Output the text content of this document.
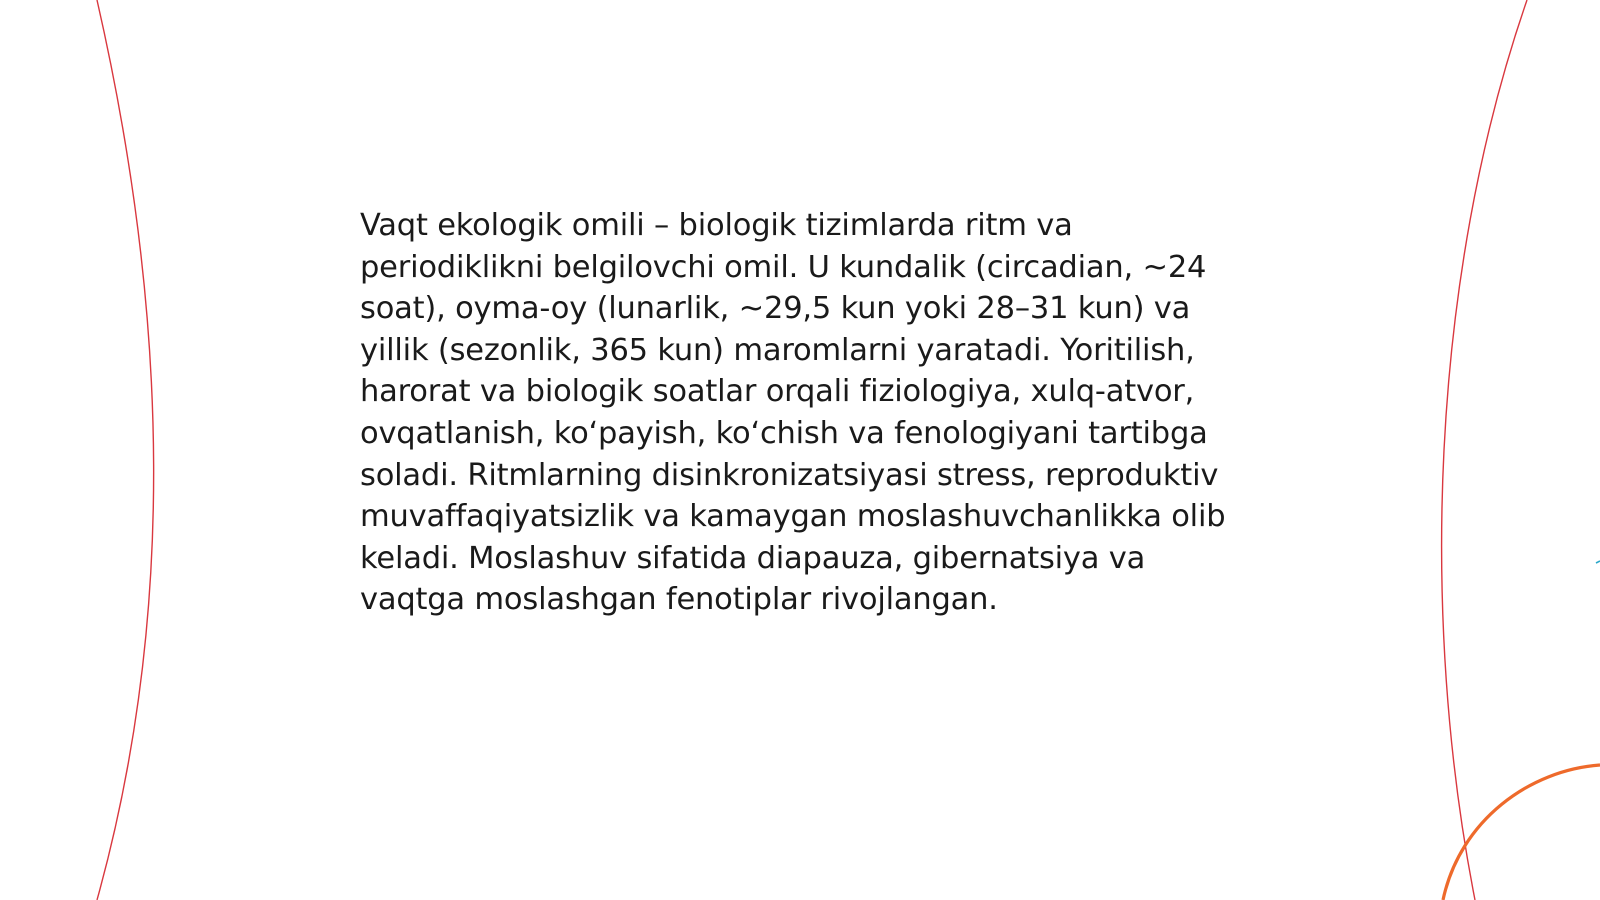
Vaqt ekologik omili – biologik tizimlarda ritm va periodiklikni belgilovchi omil. U kundalik (circadian, ~24 soat), oyma-oy (lunarlik, ~29,5 kun yoki 28–31 kun) va yillik (sezonlik, 365 kun) maromlarni yaratadi. Yoritilish, harorat va biologik soatlar orqali fiziologiya, xulq-atvor, ovqatlanish, koʻpayish, koʻchish va fenologiyani tartibga soladi. Ritmlarning disinkronizatsiyasi stress, reproduktiv muvaffaqiyatsizlik va kamaygan moslashuvchanlikka olib keladi. Moslashuv sifatida diapauza, gibernatsiya va vaqtga moslashgan fenotiplar rivojlangan.
